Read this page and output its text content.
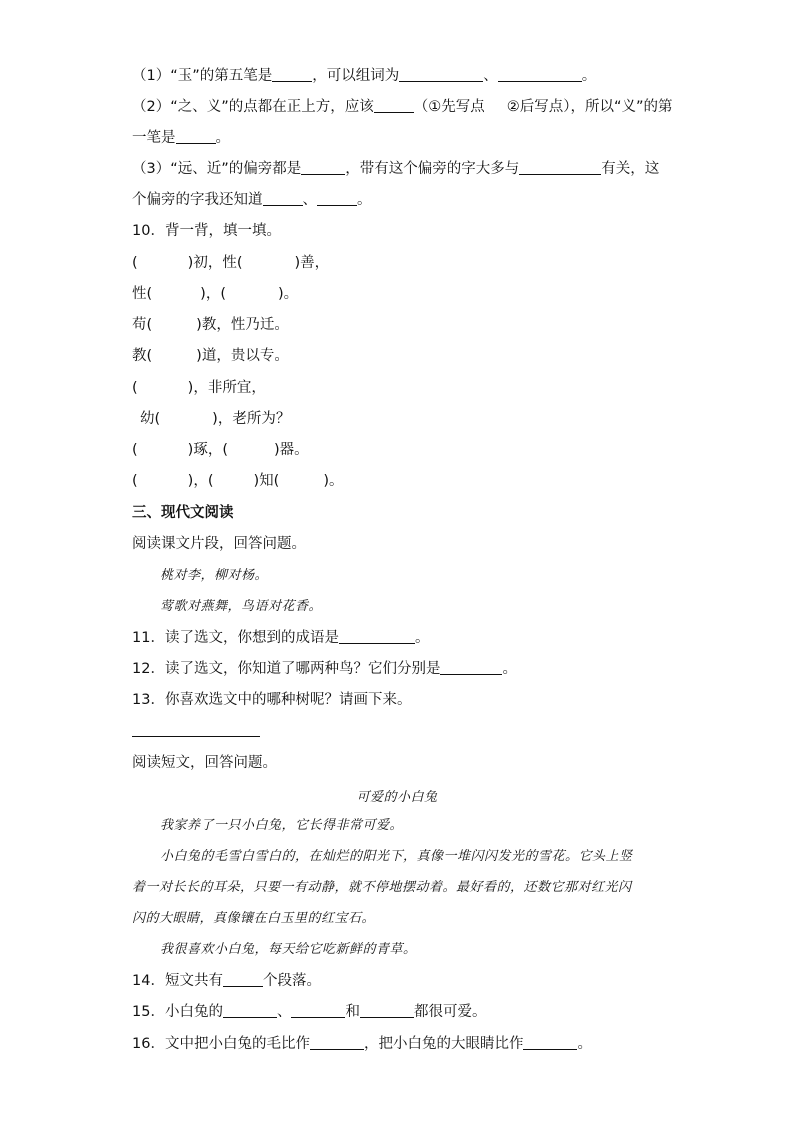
（1）“玉”的第五笔是	，可以组词为	、	。
（2）“之、义”的点都在正上方，应该	（①先写点 ②后写点），所以“义”的第
一笔是	。
（3）“远、近”的偏旁都是	，带有这个偏旁的字大多与	有关，这
个偏旁的字我还知道	、	。
10．背一背，填一填。
(	)初，性(	)善，
性(	)，(	)。
苟(	)教，性乃迁。
教(	)道，贵以专。
(	)，非所宜，
幼(	)，老所为？
(	)琢，(	)器。
(	)，(	)知(	)。
三、现代文阅读
阅读课文片段，回答问题。
桃对李，柳对杨。
莺歌对燕舞，鸟语对花香。
11．读了选文，你想到的成语是	。
12．读了选文，你知道了哪两种鸟？它们分别是	。
13．你喜欢选文中的哪种树呢？请画下来。
阅读短文，回答问题。
可爱的小白兔
我家养了一只小白兔，它长得非常可爱。
小白兔的毛雪白雪白的，在灿烂的阳光下，真像一堆闪闪发光的雪花。它头上竖
着一对长长的耳朵，只要一有动静，就不停地摆动着。最好看的，还数它那对红光闪
闪的大眼睛，真像镶在白玉里的红宝石。
我很喜欢小白兔，每天给它吃新鲜的青草。
14．短文共有	个段落。
15．小白兔的	、	和	都很可爱。
16．文中把小白兔的毛比作	，把小白兔的大眼睛比作	。
